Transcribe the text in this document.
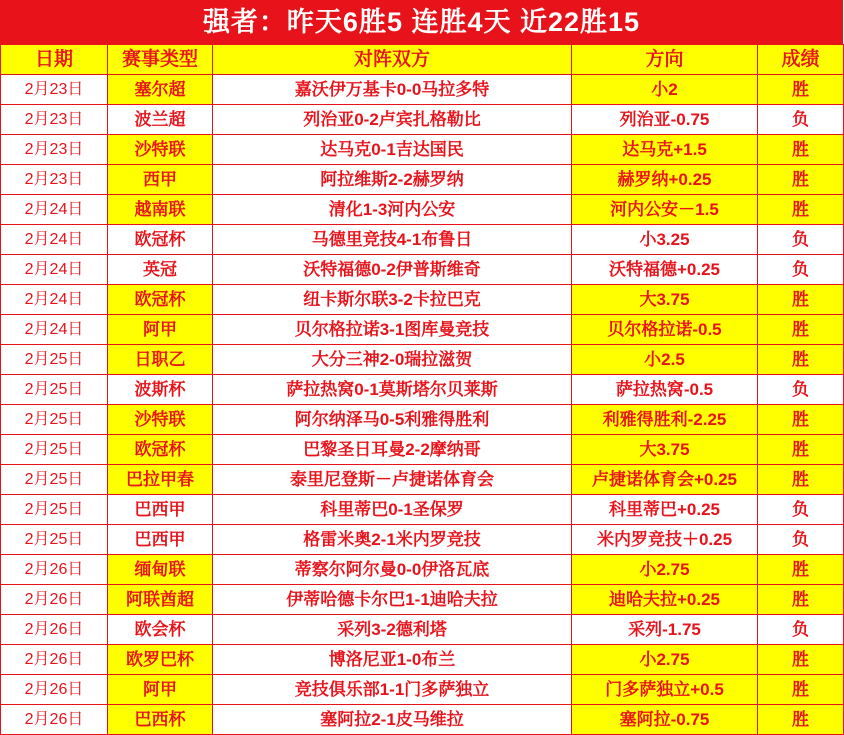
强者：昨天6胜5 连胜4天 近22胜15
日期	赛事类型	对阵双方	方向	成绩
2月23日	塞尔超	嘉沃伊万基卡0-0马拉多特	小2	胜
2月23日	波兰超	列治亚0-2卢宾扎格勒比	列治亚-0.75	负
2月23日	沙特联	达马克0-1吉达国民	达马克+1.5	胜
2月23日	西甲	阿拉维斯2-2赫罗纳	赫罗纳+0.25	胜
2月24日	越南联	清化1-3河内公安	河内公安－1.5	胜
2月24日	欧冠杯	马德里竞技4-1布鲁日	小3.25	负
2月24日	英冠	沃特福德0-2伊普斯维奇	沃特福德+0.25	负
2月24日	欧冠杯	纽卡斯尔联3-2卡拉巴克	大3.75	胜
2月24日	阿甲	贝尔格拉诺3-1图库曼竞技	贝尔格拉诺-0.5	胜
2月25日	日职乙	大分三神2-0瑞拉滋贺	小2.5	胜
2月25日	波斯杯	萨拉热窝0-1莫斯塔尔贝莱斯	萨拉热窝-0.5	负
2月25日	沙特联	阿尔纳泽马0-5利雅得胜利	利雅得胜利-2.25	胜
2月25日	欧冠杯	巴黎圣日耳曼2-2摩纳哥	大3.75	胜
2月25日	巴拉甲春	泰里尼登斯－卢捷诺体育会	卢捷诺体育会+0.25	胜
2月25日	巴西甲	科里蒂巴0-1圣保罗	科里蒂巴+0.25	负
2月25日	巴西甲	格雷米奥2-1米内罗竞技	米内罗竞技＋0.25	负
2月26日	缅甸联	蒂察尔阿尔曼0-0伊洛瓦底	小2.75	胜
2月26日	阿联酋超	伊蒂哈德卡尔巴1-1迪哈夫拉	迪哈夫拉+0.25	胜
2月26日	欧会杯	采列3-2德利塔	采列-1.75	负
2月26日	欧罗巴杯	博洛尼亚1-0布兰	小2.75	胜
2月26日	阿甲	竞技俱乐部1-1门多萨独立	门多萨独立+0.5	胜
2月26日	巴西杯	塞阿拉2-1皮马维拉	塞阿拉-0.75	胜
